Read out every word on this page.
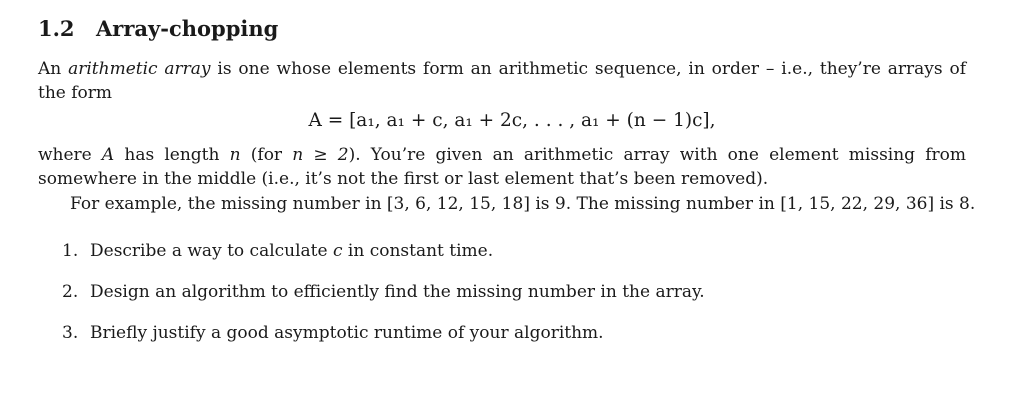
1.2 Array-chopping
An arithmetic array is one whose elements form an arithmetic sequence, in order – i.e., they’re arrays of the form
A = [a₁, a₁ + c, a₁ + 2c, . . . , a₁ + (n − 1)c],
where A has length n (for n ≥ 2). You’re given an arithmetic array with one element missing from somewhere in the middle (i.e., it’s not the first or last element that’s been removed).
For example, the missing number in [3, 6, 12, 15, 18] is 9. The missing number in [1, 15, 22, 29, 36] is 8.
1. Describe a way to calculate c in constant time.
2. Design an algorithm to efficiently find the missing number in the array.
3. Briefly justify a good asymptotic runtime of your algorithm.
